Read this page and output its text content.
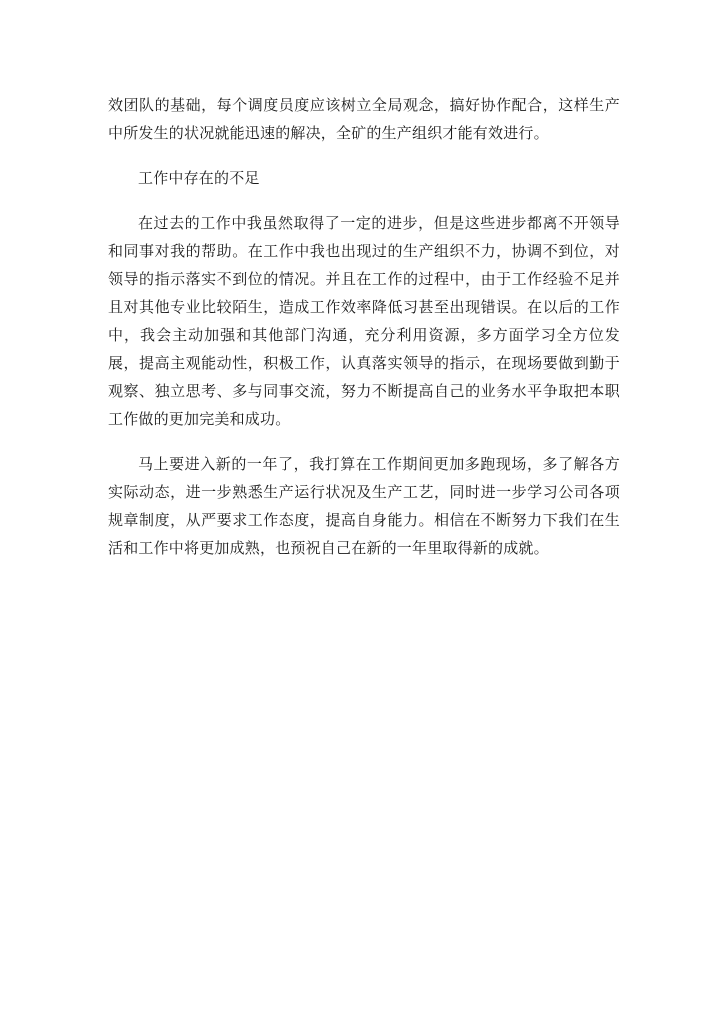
效团队的基础，每个调度员度应该树立全局观念，搞好协作配合，这样生产中所发生的状况就能迅速的解决，全矿的生产组织才能有效进行。

工作中存在的不足

在过去的工作中我虽然取得了一定的进步，但是这些进步都离不开领导和同事对我的帮助。在工作中我也出现过的生产组织不力，协调不到位，对领导的指示落实不到位的情况。并且在工作的过程中，由于工作经验不足并且对其他专业比较陌生，造成工作效率降低习甚至出现错误。在以后的工作中，我会主动加强和其他部门沟通，充分利用资源，多方面学习全方位发展，提高主观能动性，积极工作，认真落实领导的指示，在现场要做到勤于观察、独立思考、多与同事交流，努力不断提高自己的业务水平争取把本职工作做的更加完美和成功。

马上要进入新的一年了，我打算在工作期间更加多跑现场，多了解各方实际动态，进一步熟悉生产运行状况及生产工艺，同时进一步学习公司各项规章制度，从严要求工作态度，提高自身能力。相信在不断努力下我们在生活和工作中将更加成熟，也预祝自己在新的一年里取得新的成就。
